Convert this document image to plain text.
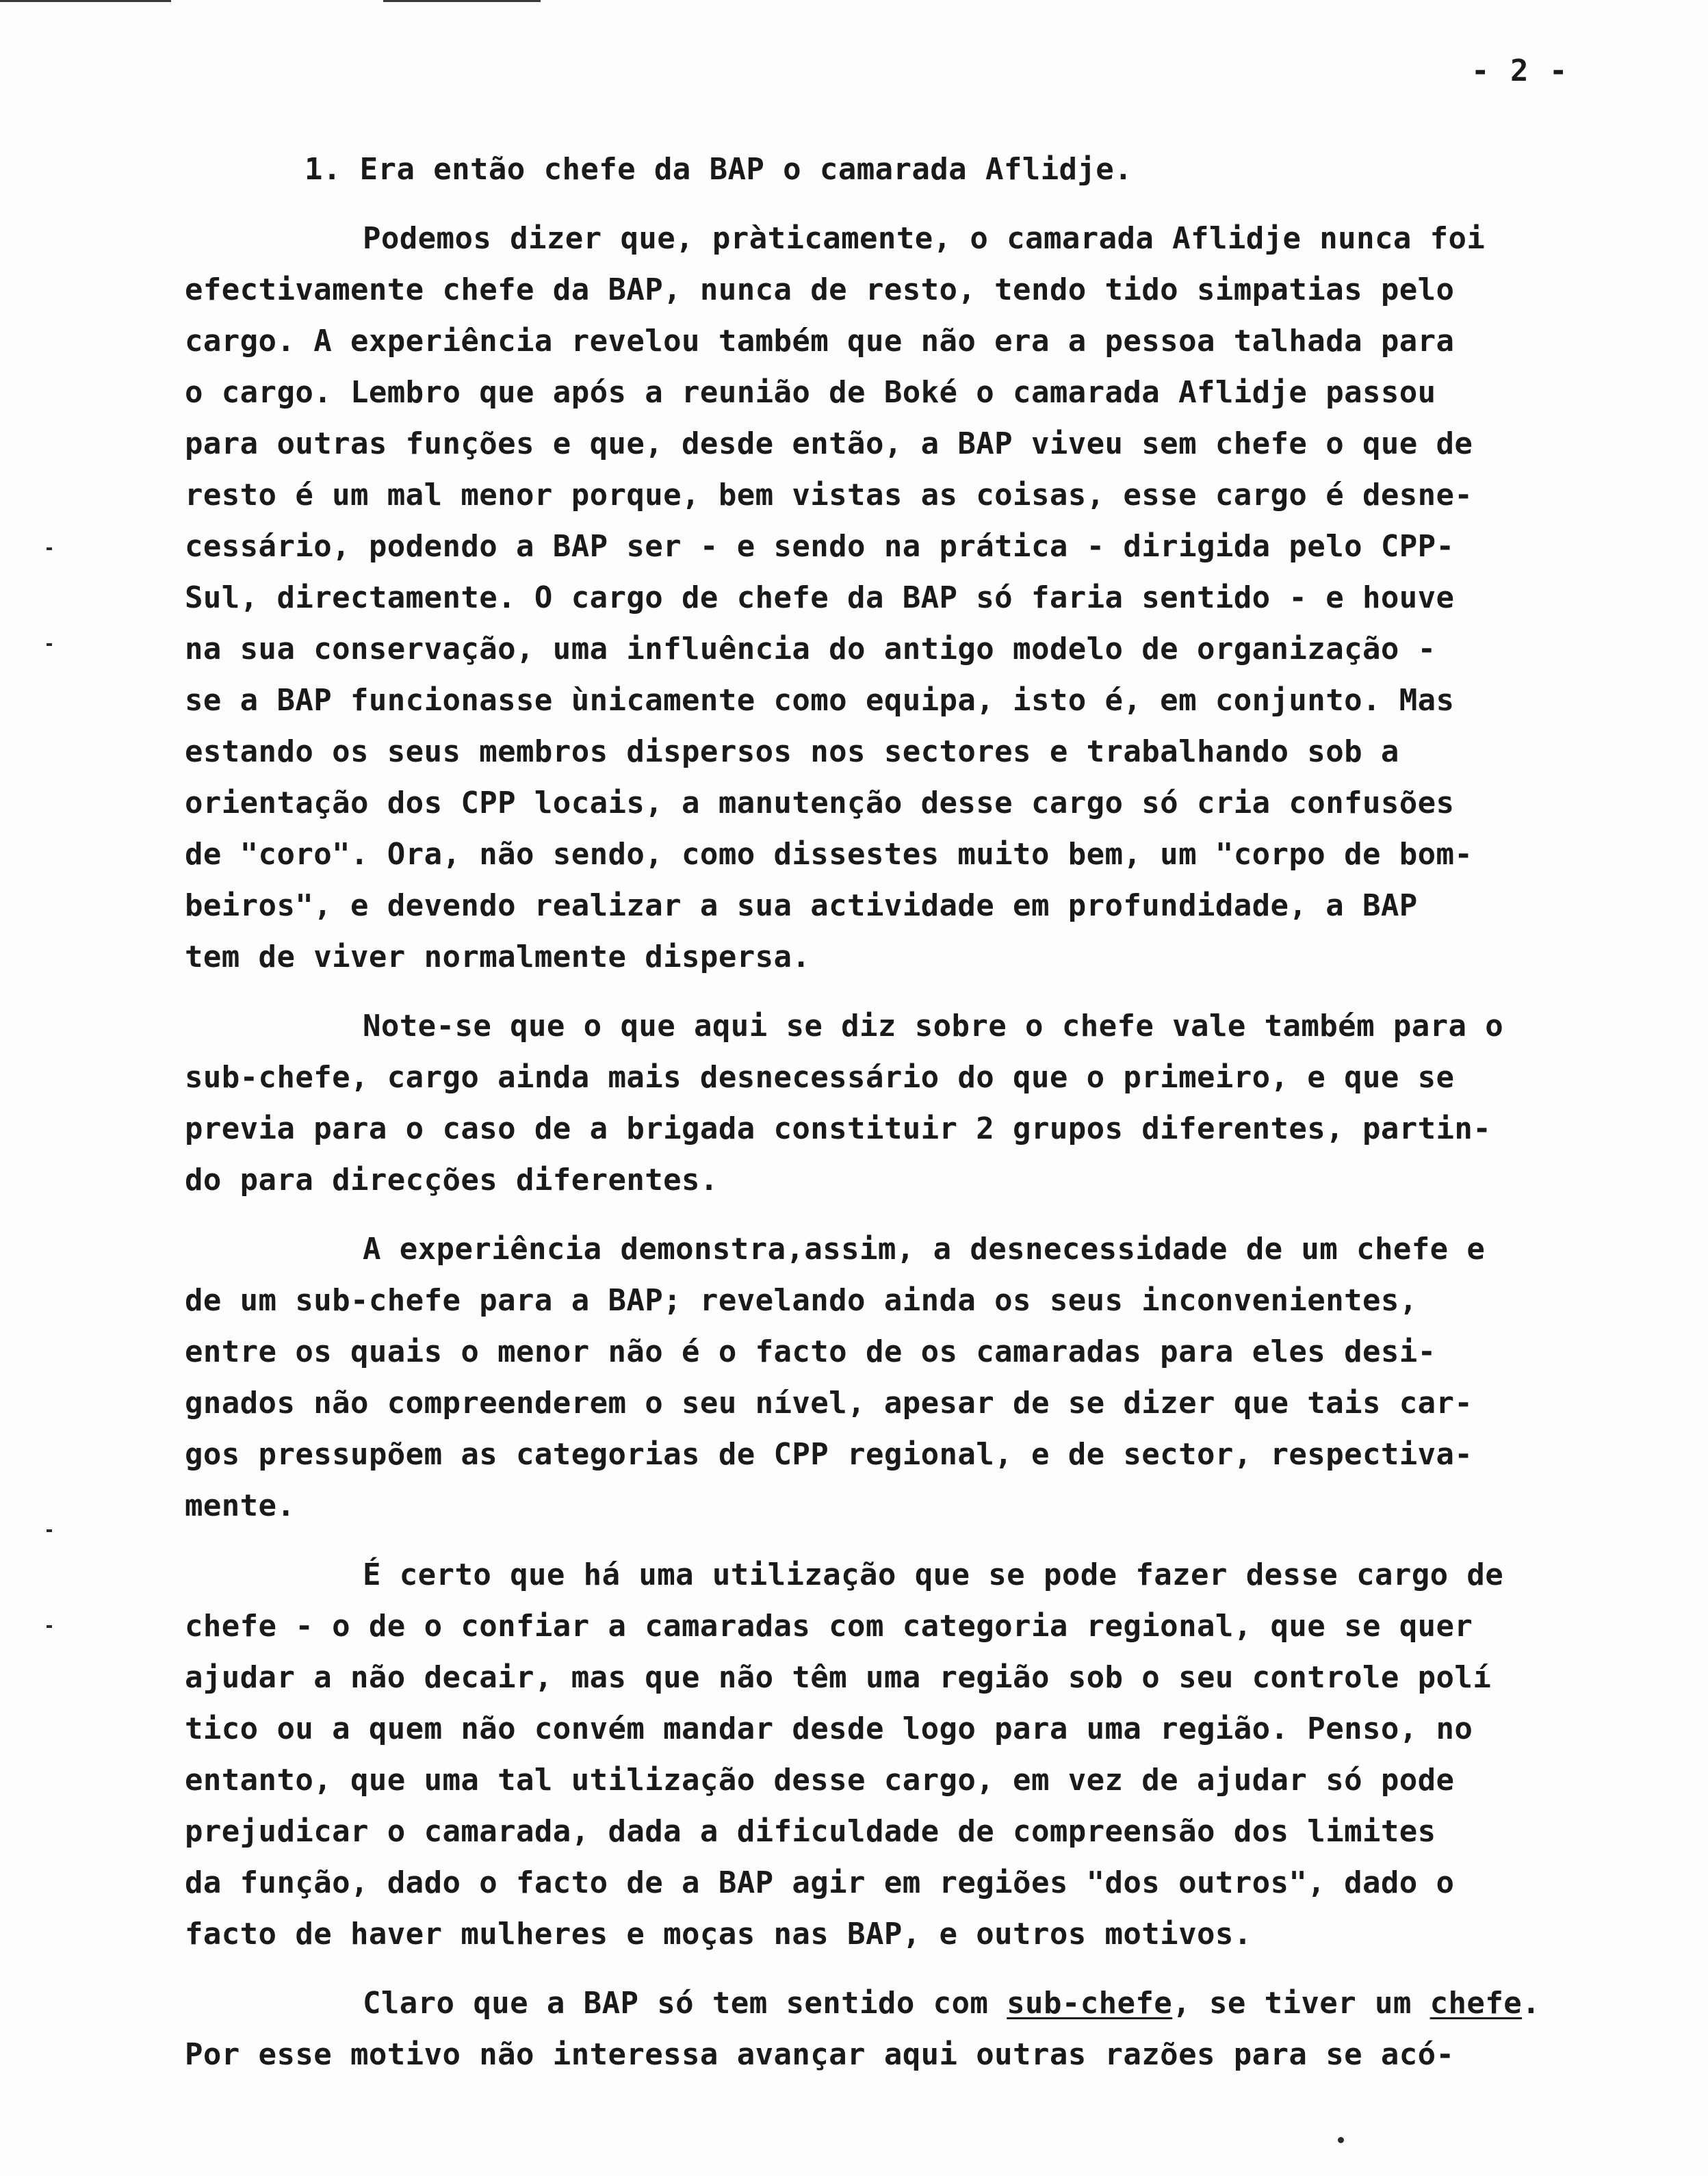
- 2 -
1. Era então chefe da BAP o camarada Aflidje.
Podemos dizer que, pràticamente, o camarada Aflidje nunca foi
efectivamente chefe da BAP, nunca de resto, tendo tido simpatias pelo
cargo. A experiência revelou também que não era a pessoa talhada para
o cargo. Lembro que após a reunião de Boké o camarada Aflidje passou
para outras funções e que, desde então, a BAP viveu sem chefe o que de
resto é um mal menor porque, bem vistas as coisas, esse cargo é desne-
cessário, podendo a BAP ser - e sendo na prática - dirigida pelo CPP-
Sul, directamente. O cargo de chefe da BAP só faria sentido - e houve
na sua conservação, uma influência do antigo modelo de organização -
se a BAP funcionasse ùnicamente como equipa, isto é, em conjunto. Mas
estando os seus membros dispersos nos sectores e trabalhando sob a
orientação dos CPP locais, a manutenção desse cargo só cria confusões
de "coro". Ora, não sendo, como dissestes muito bem, um "corpo de bom-
beiros", e devendo realizar a sua actividade em profundidade, a BAP
tem de viver normalmente dispersa.
Note-se que o que aqui se diz sobre o chefe vale também para o
sub-chefe, cargo ainda mais desnecessário do que o primeiro, e que se
previa para o caso de a brigada constituir 2 grupos diferentes, partin-
do para direcções diferentes.
A experiência demonstra,assim, a desnecessidade de um chefe e
de um sub-chefe para a BAP; revelando ainda os seus inconvenientes,
entre os quais o menor não é o facto de os camaradas para eles desi-
gnados não compreenderem o seu nível, apesar de se dizer que tais car-
gos pressupõem as categorias de CPP regional, e de sector, respectiva-
mente.
É certo que há uma utilização que se pode fazer desse cargo de
chefe - o de o confiar a camaradas com categoria regional, que se quer
ajudar a não decair, mas que não têm uma região sob o seu controle polí
tico ou a quem não convém mandar desde logo para uma região. Penso, no
entanto, que uma tal utilização desse cargo, em vez de ajudar só pode
prejudicar o camarada, dada a dificuldade de compreensão dos limites
da função, dado o facto de a BAP agir em regiões "dos outros", dado o
facto de haver mulheres e moças nas BAP, e outros motivos.
Claro que a BAP só tem sentido com sub-chefe, se tiver um chefe.
Por esse motivo não interessa avançar aqui outras razões para se acó-
